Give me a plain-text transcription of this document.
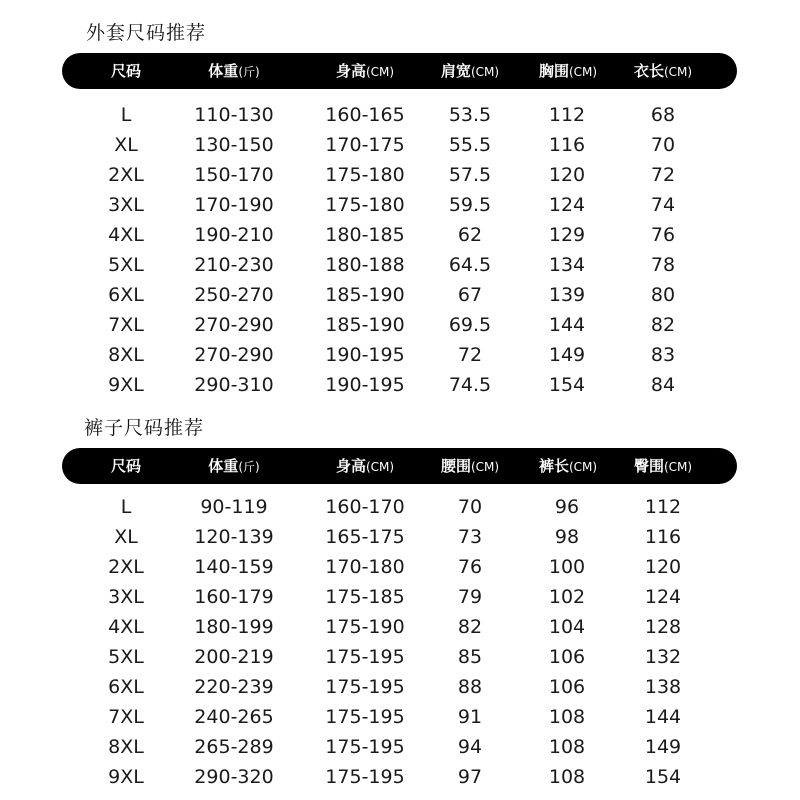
外套尺码推荐
尺码	体重(斤)	身高(CM)	肩宽(CM)	胸围(CM) 衣长(CM)
L	110-130	160-165 53.5	112	68
XL	130-150	170-175 55.5	116	70
2XL	150-170	175-180 57.5	120	72
3XL	170-190	175-180 59.5	124	74
4XL	190-210	180-185	62	129	76
5XL	210-230	180-188 64.5	134	78
6XL	250-270	185-190	67	139	80
7XL	270-290	185-190 69.5	144	82
8XL	270-290	190-195	72	149	83
9XL	290-310	190-195 74.5	154	84
裤子尺码推荐
尺码	体重(斤)	身高(CM)	腰围(CM)	裤长(CM) 臀围(CM)
L	90-119	160-170	70	96	112
XL	120-139	165-175	73	98	116
2XL	140-159	170-180	76	100	120
3XL	160-179	175-185	79	102	124
4XL	180-199	175-190	82	104	128
5XL	200-219	175-195	85	106	132
6XL	220-239	175-195	88	106	138
7XL	240-265	175-195	91	108	144
8XL	265-289	175-195	94	108	149
9XL	290-320	175-195	97	108	154
